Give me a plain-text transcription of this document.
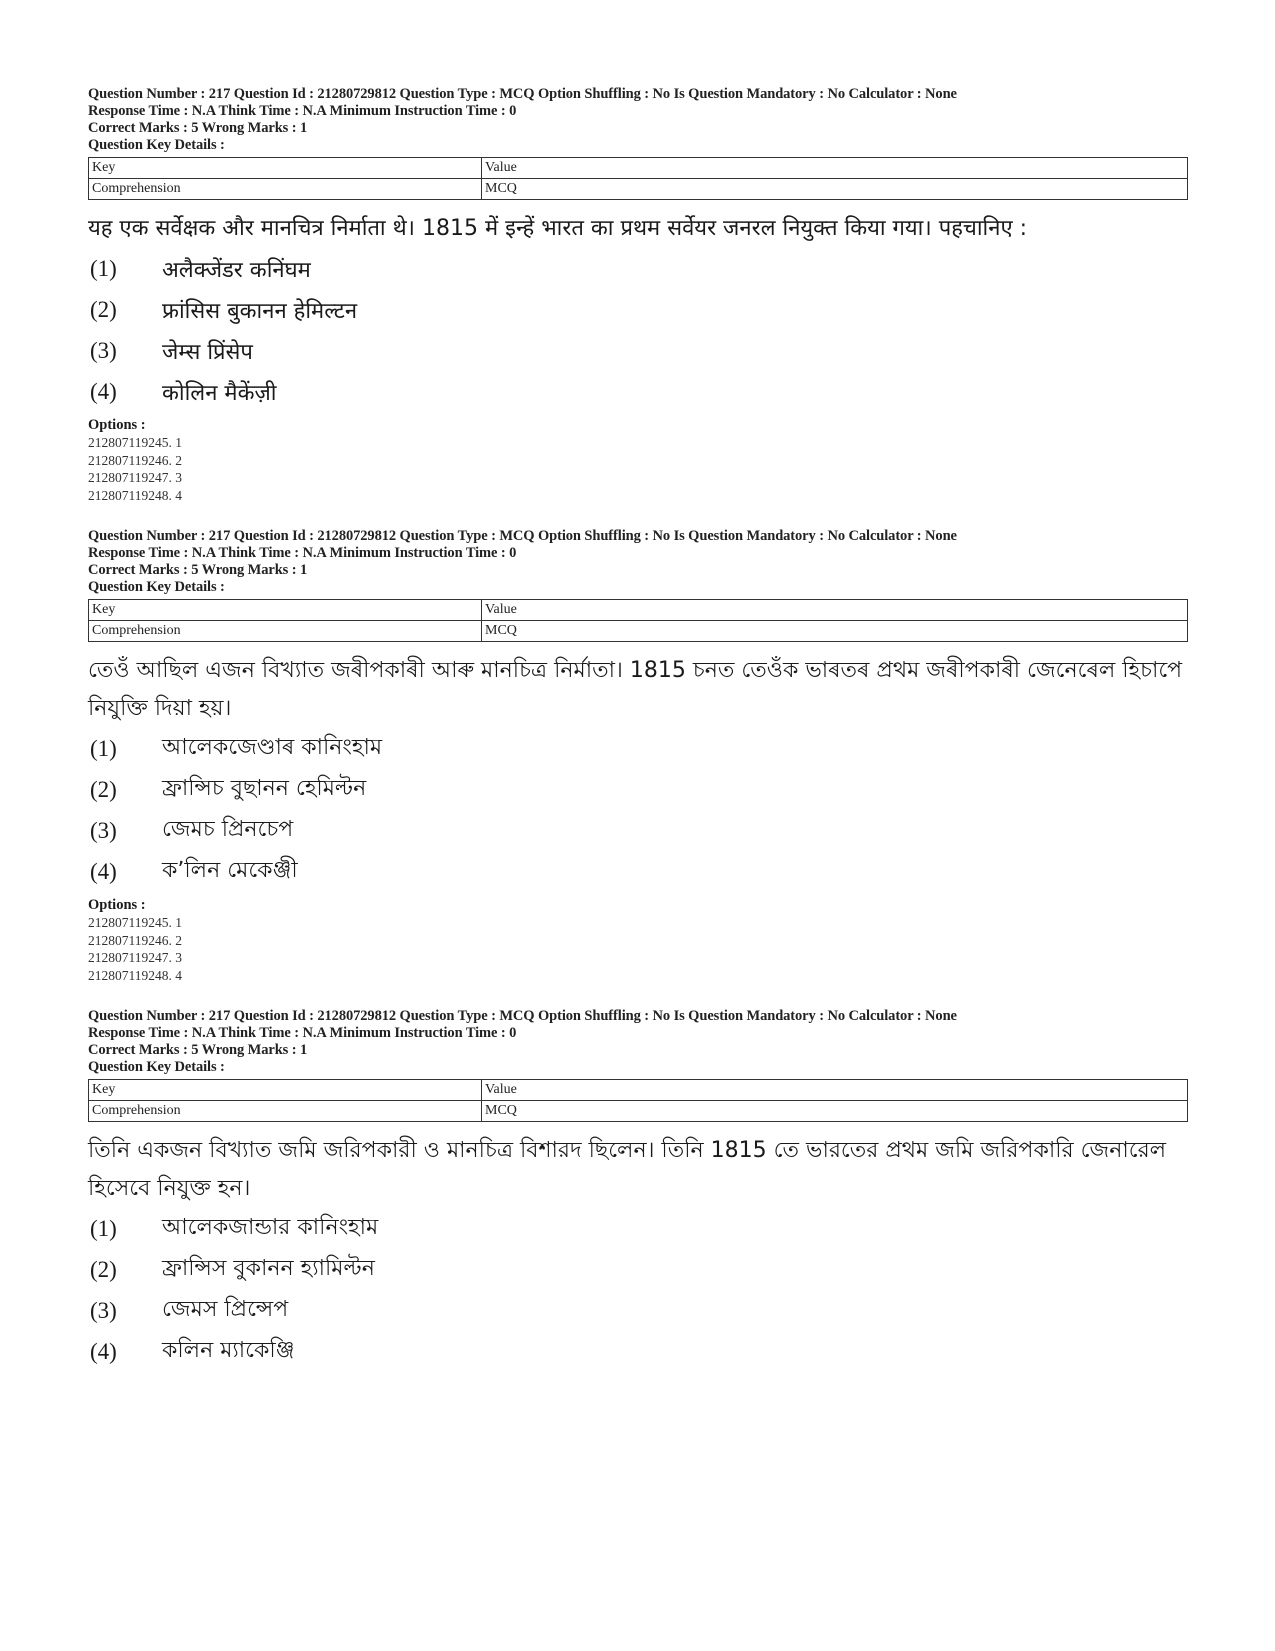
Question Number : 217 Question Id : 21280729812 Question Type : MCQ Option Shuffling : No Is Question Mandatory : No Calculator : None
Response Time : N.A Think Time : N.A Minimum Instruction Time : 0
Correct Marks : 5 Wrong Marks : 1
Question Key Details :
Key	Value
Comprehension	MCQ
यह एक सर्वेक्षक और मानचित्र निर्माता थे। 1815 में इन्हें भारत का प्रथम सर्वेयर जनरल नियुक्त किया गया। पहचानिए :
(1)	अलैक्जेंडर कनिंघम
(2)	फ्रांसिस बुकानन हेमिल्टन
(3)	जेम्स प्रिंसेप
(4)	कोलिन मैकेंज़ी
Options :
212807119245. 1
212807119246. 2
212807119247. 3
212807119248. 4
Question Number : 217 Question Id : 21280729812 Question Type : MCQ Option Shuffling : No Is Question Mandatory : No Calculator : None
Response Time : N.A Think Time : N.A Minimum Instruction Time : 0
Correct Marks : 5 Wrong Marks : 1
Question Key Details :
Key	Value
Comprehension	MCQ
তেওঁ আছিল এজন বিখ্যাত জৰীপকাৰী আৰু মানচিত্ৰ নিৰ্মাতা। 1815 চনত তেওঁক ভাৰতৰ প্ৰথম জৰীপকাৰী জেনেৰেল হিচাপে নিযুক্তি দিয়া হয়।
(1)	আলেকজেণ্ডাৰ কানিংহাম
(2)	ফ্ৰান্সিচ বুছানন হেমিল্টন
(3)	জেমচ প্ৰিনচেপ
(4)	কʼলিন মেকেঞ্জী
Options :
212807119245. 1
212807119246. 2
212807119247. 3
212807119248. 4
Question Number : 217 Question Id : 21280729812 Question Type : MCQ Option Shuffling : No Is Question Mandatory : No Calculator : None
Response Time : N.A Think Time : N.A Minimum Instruction Time : 0
Correct Marks : 5 Wrong Marks : 1
Question Key Details :
Key	Value
Comprehension	MCQ
তিনি একজন বিখ্যাত জমি জরিপকারী ও মানচিত্র বিশারদ ছিলেন। তিনি 1815 তে ভারতের প্রথম জমি জরিপকারি জেনারেল হিসেবে নিযুক্ত হন।
(1)	আলেকজান্ডার কানিংহাম
(2)	ফ্রান্সিস বুকানন হ্যামিল্টন
(3)	জেমস প্রিন্সেপ
(4)	কলিন ম্যাকেঞ্জি
